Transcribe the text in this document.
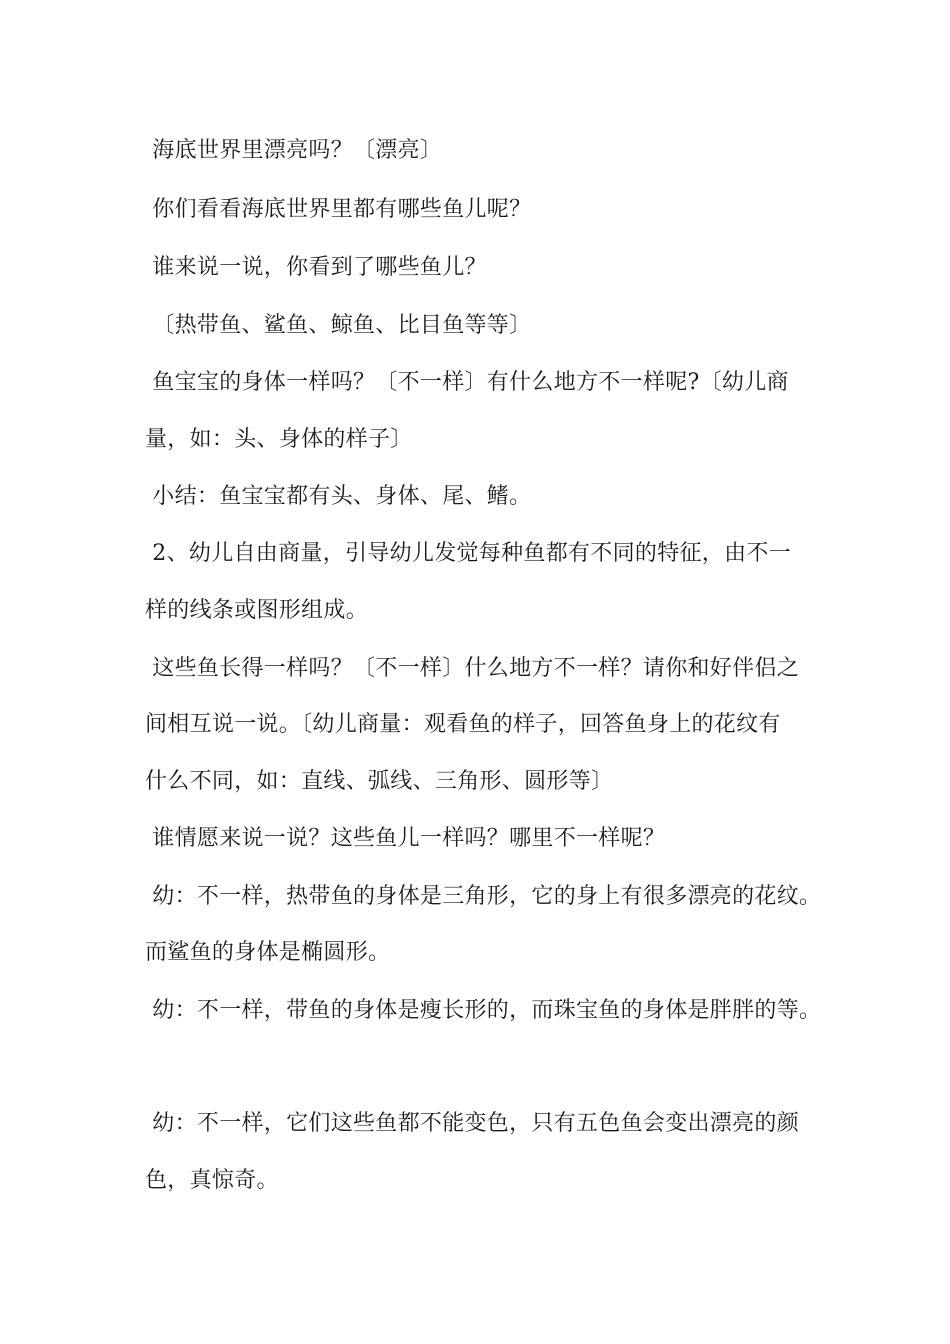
海底世界里漂亮吗？〔漂亮〕
你们看看海底世界里都有哪些鱼儿呢？
谁来说一说，你看到了哪些鱼儿？
〔热带鱼、鲨鱼、鲸鱼、比目鱼等等〕
鱼宝宝的身体一样吗？〔不一样〕有什么地方不一样呢?〔幼儿商
量，如：头、身体的样子〕
小结：鱼宝宝都有头、身体、尾、鳍。
2、幼儿自由商量，引导幼儿发觉每种鱼都有不同的特征，由不一
样的线条或图形组成。
这些鱼长得一样吗？〔不一样〕什么地方不一样？请你和好伴侣之
间相互说一说。〔幼儿商量：观看鱼的样子，回答鱼身上的花纹有
什么不同，如：直线、弧线、三角形、圆形等〕
谁情愿来说一说？这些鱼儿一样吗？哪里不一样呢？
幼：不一样，热带鱼的身体是三角形，它的身上有很多漂亮的花纹。
而鲨鱼的身体是椭圆形。
幼：不一样，带鱼的身体是瘦长形的，而珠宝鱼的身体是胖胖的等。
幼：不一样，它们这些鱼都不能变色，只有五色鱼会变出漂亮的颜
色，真惊奇。
